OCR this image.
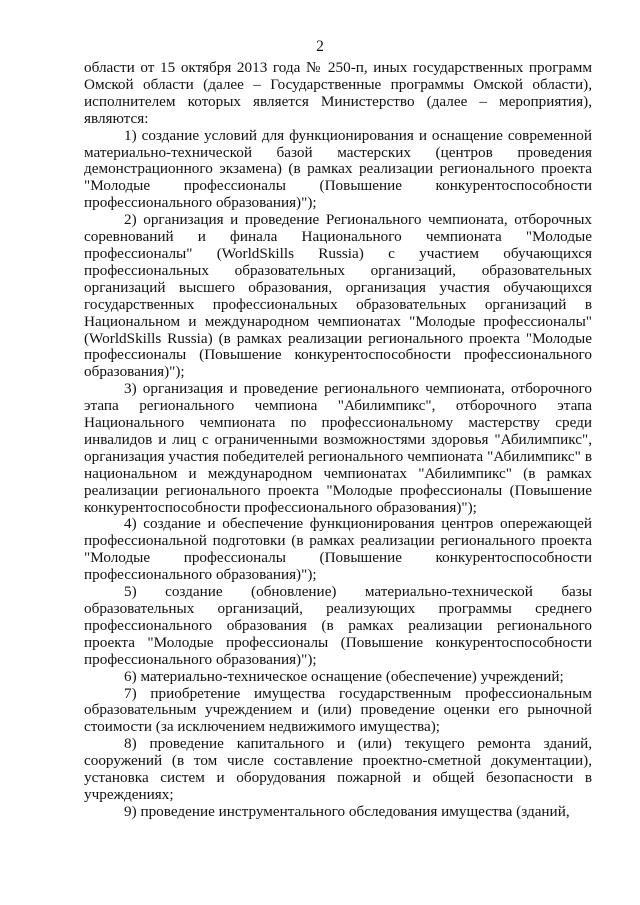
2

области от 15 октября 2013 года № 250-п, иных государственных программ Омской области (далее – Государственные программы Омской области), исполнителем которых является Министерство (далее – мероприятия), являются:

1) создание условий для функционирования и оснащение современной материально-технической базой мастерских (центров проведения демонстрационного экзамена) (в рамках реализации регионального проекта "Молодые профессионалы (Повышение конкурентоспособности профессионального образования)");

2) организация и проведение Регионального чемпионата, отборочных соревнований и финала Национального чемпионата "Молодые профессионалы" (WorldSkills Russia) с участием обучающихся профессиональных образовательных организаций, образовательных организаций высшего образования, организация участия обучающихся государственных профессиональных образовательных организаций в Национальном и международном чемпионатах "Молодые профессионалы" (WorldSkills Russia) (в рамках реализации регионального проекта "Молодые профессионалы (Повышение конкурентоспособности профессионального образования)");

3) организация и проведение регионального чемпионата, отборочного этапа регионального чемпиона "Абилимпикс", отборочного этапа Национального чемпионата по профессиональному мастерству среди инвалидов и лиц с ограниченными возможностями здоровья "Абилимпикс", организация участия победителей регионального чемпионата "Абилимпикс" в национальном и международном чемпионатах "Абилимпикс" (в рамках реализации регионального проекта "Молодые профессионалы (Повышение конкурентоспособности профессионального образования)");

4) создание и обеспечение функционирования центров опережающей профессиональной подготовки (в рамках реализации регионального проекта "Молодые профессионалы (Повышение конкурентоспособности профессионального образования)");

5) создание (обновление) материально-технической базы образовательных организаций, реализующих программы среднего профессионального образования (в рамках реализации регионального проекта "Молодые профессионалы (Повышение конкурентоспособности профессионального образования)");

6) материально-техническое оснащение (обеспечение) учреждений;

7) приобретение имущества государственным профессиональным образовательным учреждением и (или) проведение оценки его рыночной стоимости (за исключением недвижимого имущества);

8) проведение капитального и (или) текущего ремонта зданий, сооружений (в том числе составление проектно-сметной документации), установка систем и оборудования пожарной и общей безопасности в учреждениях;

9) проведение инструментального обследования имущества (зданий,
